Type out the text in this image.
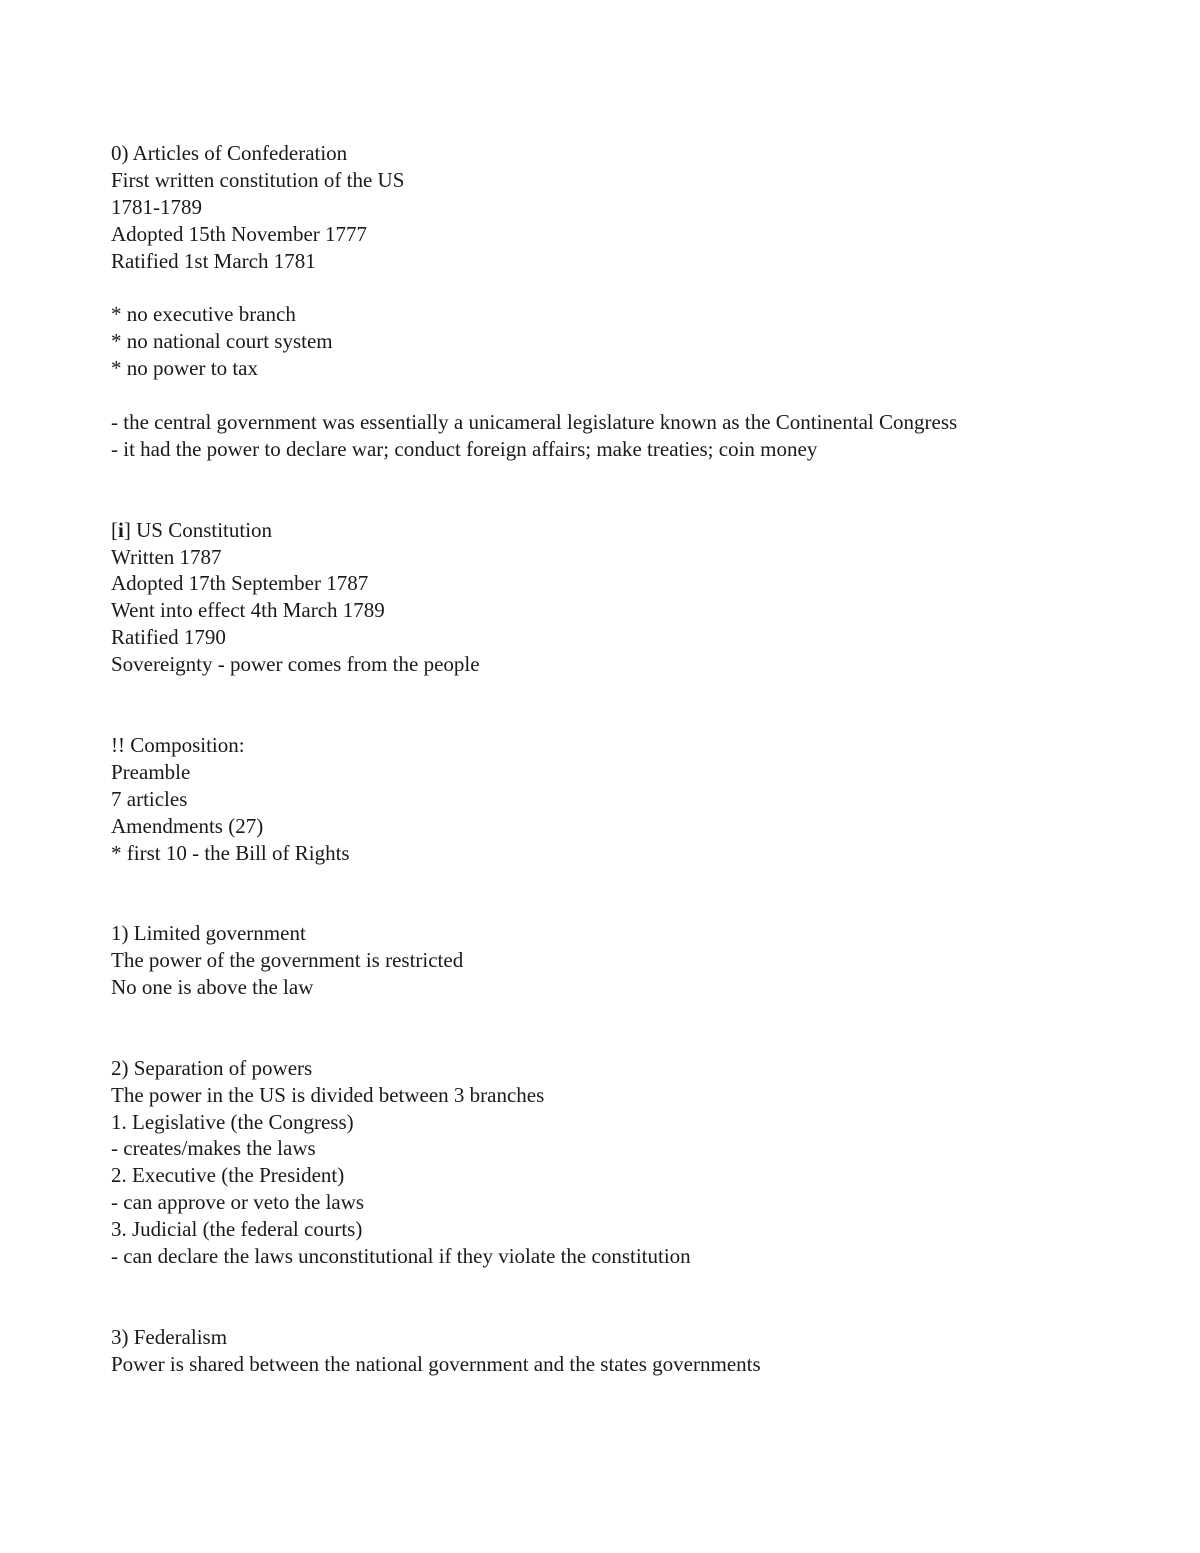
0) Articles of Confederation
First written constitution of the US
1781-1789
Adopted 15th November 1777
Ratified 1st March 1781
* no executive branch
* no national court system
* no power to tax
- the central government was essentially a unicameral legislature known as the Continental Congress
- it had the power to declare war; conduct foreign affairs; make treaties; coin money
[i] US Constitution
Written 1787
Adopted 17th September 1787
Went into effect 4th March 1789
Ratified 1790
Sovereignty - power comes from the people
!! Composition:
Preamble
7 articles
Amendments (27)
* first 10 - the Bill of Rights
1) Limited government
The power of the government is restricted
No one is above the law
2) Separation of powers
The power in the US is divided between 3 branches
1. Legislative (the Congress)
- creates/makes the laws
2. Executive (the President)
- can approve or veto the laws
3. Judicial (the federal courts)
- can declare the laws unconstitutional if they violate the constitution
3) Federalism
Power is shared between the national government and the states governments
